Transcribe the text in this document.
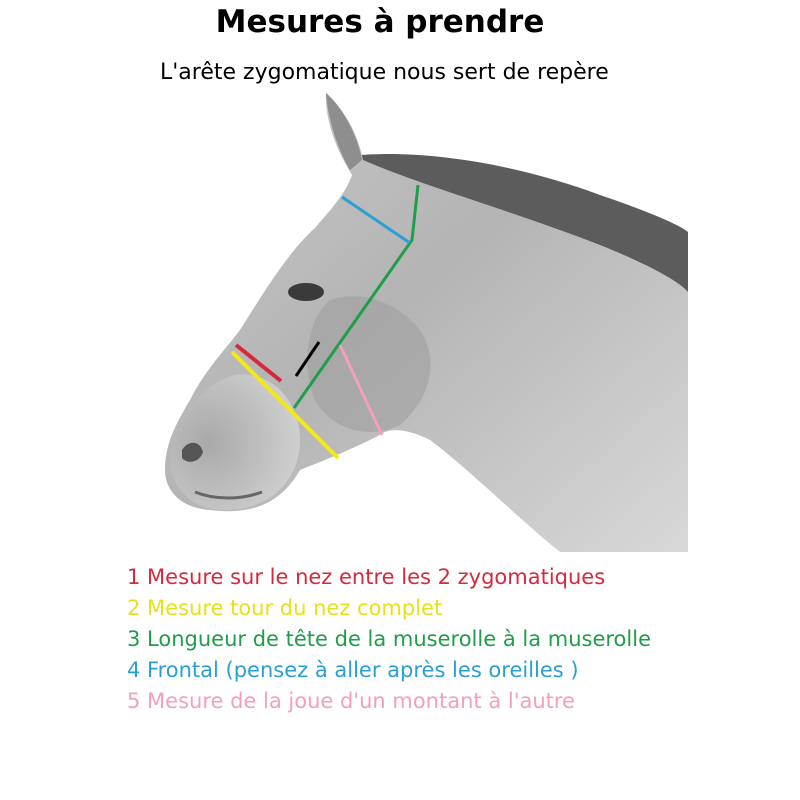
Mesures à prendre
L'arête zygomatique nous sert de repère

1 Mesure sur le nez entre les 2 zygomatiques

2 Mesure tour du nez complet

3 Longueur de tête de la muserolle à la muserolle

4 Frontal (pensez à aller après les oreilles )

5 Mesure de la joue d'un montant à l'autre
